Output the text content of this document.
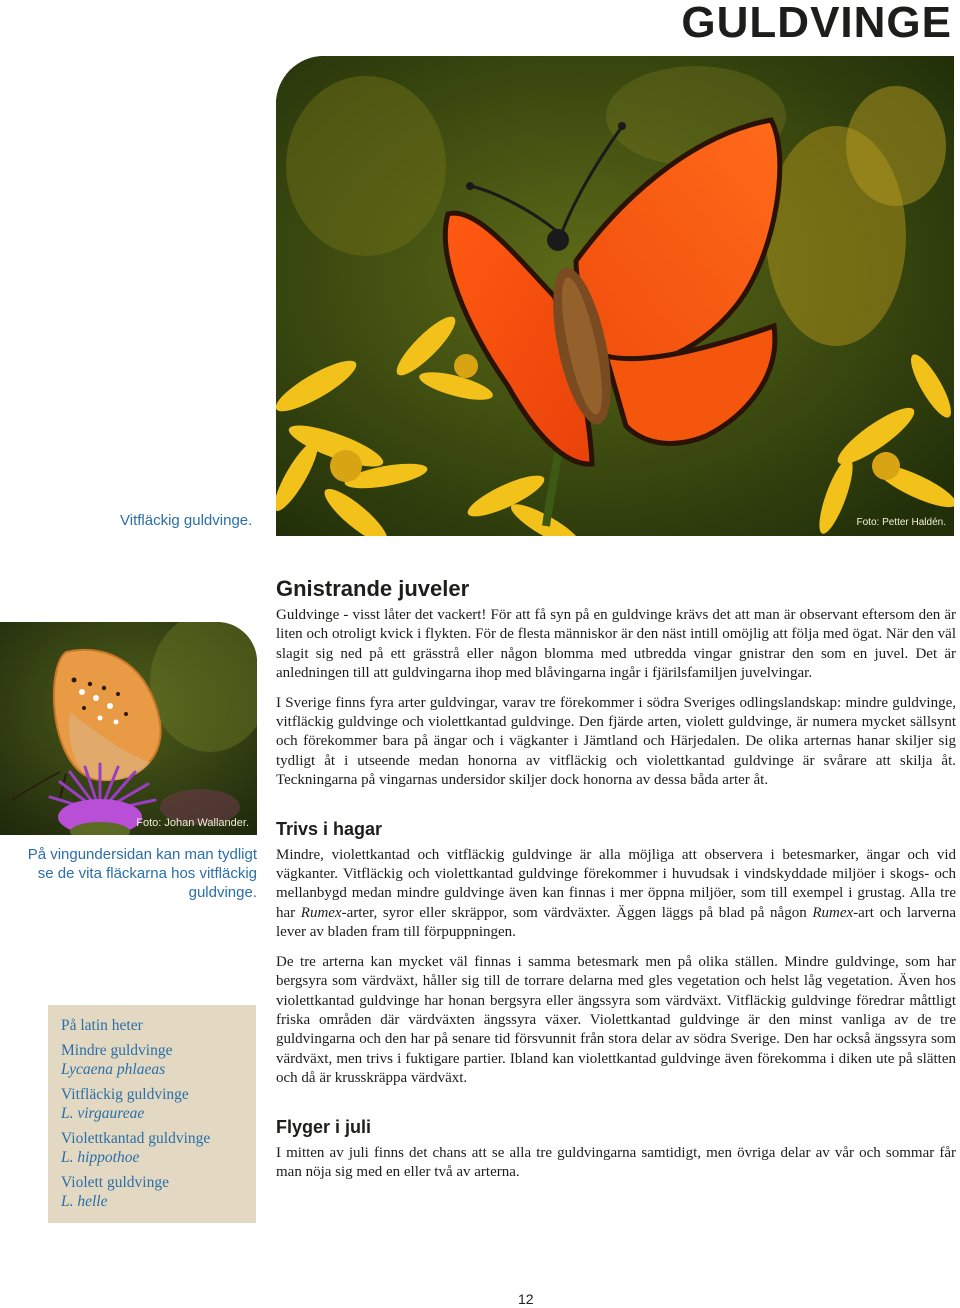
GULDVINGE
Foto: Petter Haldén.
Vitfläckig guldvinge.
Foto: Johan Wallander.
På vingundersidan kan man tydligt se de vita fläckarna hos vitfläckig guldvinge.
På latin heter
Mindre guldvinge
Lycaena phlaeas
Vitfläckig guldvinge
L. virgaureae
Violettkantad guldvinge
L. hippothoe
Violett guldvinge
L. helle
Gnistrande juveler

Guldvinge - visst låter det vackert! För att få syn på en guldvinge krävs det att man är observant eftersom den är liten och otroligt kvick i flykten. För de flesta människor är den näst intill omöjlig att följa med ögat. När den väl slagit sig ned på ett grässtrå eller någon blomma med utbredda vingar gnistrar den som en juvel. Det är anledningen till att guldvingarna ihop med blåvingarna ingår i fjärilsfamiljen juvelvingar.

I Sverige finns fyra arter guldvingar, varav tre förekommer i södra Sveriges odlingslandskap: mindre guldvinge, vitfläckig guldvinge och violettkantad guldvinge. Den fjärde arten, violett guldvinge, är numera mycket sällsynt och förekommer bara på ängar och i vägkanter i Jämtland och Härjedalen. De olika arternas hanar skiljer sig tydligt åt i utseende medan honorna av vitfläckig och violettkantad guldvinge är svårare att skilja åt. Teckningarna på vingarnas undersidor skiljer dock honorna av dessa båda arter åt.

Trivs i hagar

Mindre, violettkantad och vitfläckig guldvinge är alla möjliga att observera i betesmarker, ängar och vid vägkanter. Vitfläckig och violettkantad guldvinge förekommer i huvudsak i vindskyddade miljöer i skogs- och mellanbygd medan mindre guldvinge även kan finnas i mer öppna miljöer, som till exempel i grustag. Alla tre har Rumex-arter, syror eller skräppor, som värdväxter. Äggen läggs på blad på någon Rumex-art och larverna lever av bladen fram till förpuppningen.

De tre arterna kan mycket väl finnas i samma betesmark men på olika ställen. Mindre guldvinge, som har bergsyra som värdväxt, håller sig till de torrare delarna med gles vegetation och helst låg vegetation. Även hos violettkantad guldvinge har honan bergsyra eller ängssyra som värdväxt. Vitfläckig guldvinge föredrar måttligt friska områden där värdväxten ängssyra växer. Violettkantad guldvinge är den minst vanliga av de tre guldvingarna och den har på senare tid försvunnit från stora delar av södra Sverige. Den har också ängssyra som värdväxt, men trivs i fuktigare partier. Ibland kan violettkantad guldvinge även förekomma i diken ute på slätten och då är krusskräppa värdväxt.

Flyger i juli

I mitten av juli finns det chans att se alla tre guldvingarna samtidigt, men övriga delar av vår och sommar får man nöja sig med en eller två av arterna.

12
